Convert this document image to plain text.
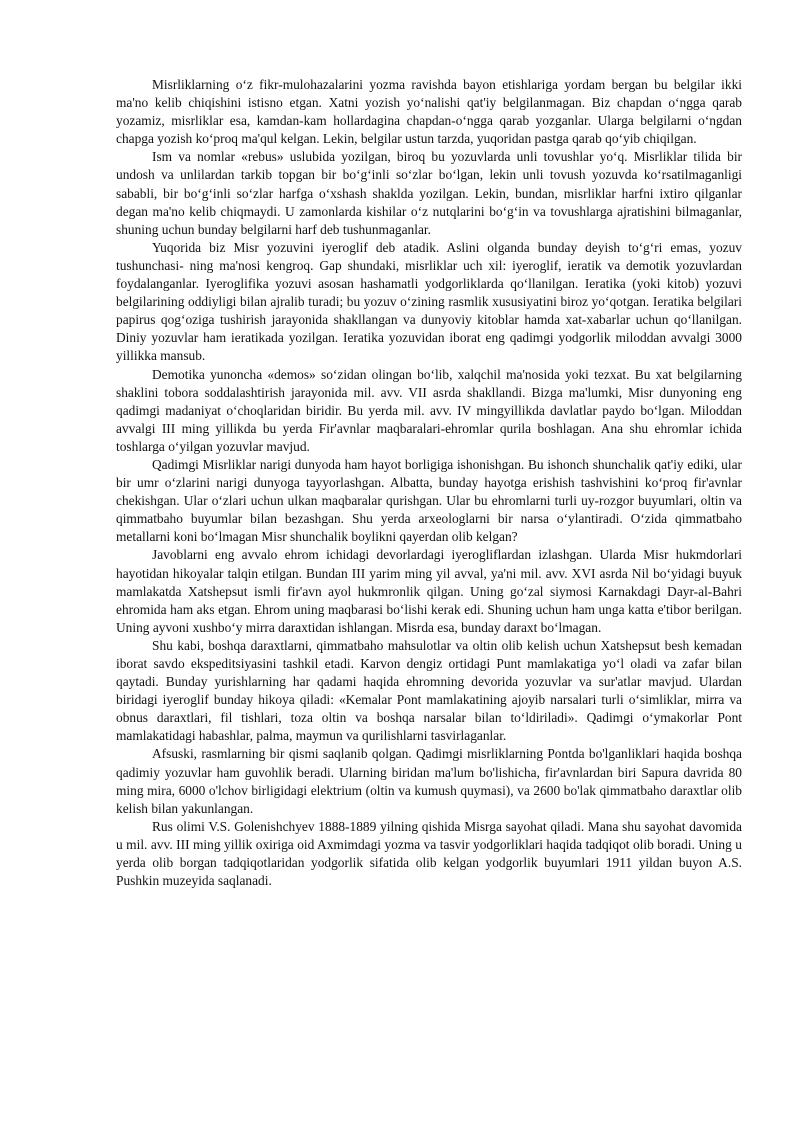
Misrliklarning o‘z fikr-mulohazalarini yozma ravishda bayon etishlariga yordam bergan bu belgilar ikki ma'no kelib chiqishini istisno etgan. Xatni yozish yo‘nalishi qat'iy belgilanmagan. Biz chapdan o‘ngga qarab yozamiz, misrliklar esa, kamdan-kam hollardagina chapdan-o‘ngga qarab yozganlar. Ularga belgilarni o‘ngdan chapga yozish ko‘proq ma'qul kelgan. Lekin, belgilar ustun tarzda, yuqoridan pastga qarab qo‘yib chiqilgan.

Ism va nomlar «rebus» uslubida yozilgan, biroq bu yozuvlarda unli tovushlar yo‘q. Misrliklar tilida bir undosh va unlilardan tarkib topgan bir bo‘g‘inli so‘zlar bo‘lgan, lekin unli tovush yozuvda ko‘rsatilmaganligi sababli, bir bo‘g‘inli so‘zlar harfga o‘xshash shaklda yozilgan. Lekin, bundan, misrliklar harfni ixtiro qilganlar degan ma'no kelib chiqmaydi. U zamonlarda kishilar o‘z nutqlarini bo‘g‘in va tovushlarga ajratishini bilmaganlar, shuning uchun bunday belgilarni harf deb tushunmaganlar.

Yuqorida biz Misr yozuvini iyeroglif deb atadik. Aslini olganda bunday deyish to‘g‘ri emas, yozuv tushunchasi- ning ma'nosi kengroq. Gap shundaki, misrliklar uch xil: iyeroglif, ieratik va demotik yozuvlardan foydalanganlar. Iyeroglifika yozuvi asosan hashamatli yodgorliklarda qo‘llanilgan. Ieratika (yoki kitob) yozuvi belgilarining oddiyligi bilan ajralib turadi; bu yozuv o‘zining rasmlik xususiyatini biroz yo‘qotgan. Ieratika belgilari papirus qog‘oziga tushirish jarayonida shakllangan va dunyoviy kitoblar hamda xat-xabarlar uchun qo‘llanilgan. Diniy yozuvlar ham ieratikada yozilgan. Ieratika yozuvidan iborat eng qadimgi yodgorlik miloddan avvalgi 3000 yillikka mansub.

Demotika yunoncha «demos» so‘zidan olingan bo‘lib, xalqchil ma'nosida yoki tezxat. Bu xat belgilarning shaklini tobora soddalashtirish jarayonida mil. avv. VII asrda shakllandi. Bizga ma'lumki, Misr dunyoning eng qadimgi madaniyat o‘choqlaridan biridir. Bu yerda mil. avv. IV mingyillikda davlatlar paydo bo‘lgan. Miloddan avvalgi III ming yillikda bu yerda Fir'avnlar maqbaralari-ehromlar qurila boshlagan. Ana shu ehromlar ichida toshlarga o‘yilgan yozuvlar mavjud.

Qadimgi Misrliklar narigi dunyoda ham hayot borligiga ishonishgan. Bu ishonch shunchalik qat'iy ediki, ular bir umr o‘zlarini narigi dunyoga tayyorlashgan. Albatta, bunday hayotga erishish tashvishini ko‘proq fir'avnlar chekishgan. Ular o‘zlari uchun ulkan maqbaralar qurishgan. Ular bu ehromlarni turli uy-rozgor buyumlari, oltin va qimmatbaho buyumlar bilan bezashgan. Shu yerda arxeologlarni bir narsa o‘ylantiradi. O‘zida qimmatbaho metallarni koni bo‘lmagan Misr shunchalik boylikni qayerdan olib kelgan?

Javoblarni eng avvalo ehrom ichidagi devorlardagi iyerogliflardan izlashgan. Ularda Misr hukmdorlari hayotidan hikoyalar talqin etilgan. Bundan III yarim ming yil avval, ya'ni mil. avv. XVI asrda Nil bo‘yidagi buyuk mamlakatda Xatshepsut ismli fir'avn ayol hukmronlik qilgan. Uning go‘zal siymosi Karnakdagi Dayr-al-Bahri ehromida ham aks etgan. Ehrom uning maqbarasi bo‘lishi kerak edi. Shuning uchun ham unga katta e'tibor berilgan. Uning ayvoni xushbo‘y mirra daraxtidan ishlangan. Misrda esa, bunday daraxt bo‘lmagan.

Shu kabi, boshqa daraxtlarni, qimmatbaho mahsulotlar va oltin olib kelish uchun Xatshepsut besh kemadan iborat savdo ekspeditsiyasini tashkil etadi. Karvon dengiz ortidagi Punt mamlakatiga yo‘l oladi va zafar bilan qaytadi. Bunday yurishlarning har qadami haqida ehromning devorida yozuvlar va sur'atlar mavjud. Ulardan biridagi iyeroglif bunday hikoya qiladi: «Kemalar Pont mamlakatining ajoyib narsalari turli o‘simliklar, mirra va obnus daraxtlari, fil tishlari, toza oltin va boshqa narsalar bilan to‘ldiriladi». Qadimgi o‘ymakorlar Pont mamlakatidagi habashlar, palma, maymun va qurilishlarni tasvirlaganlar.

Afsuski, rasmlarning bir qismi saqlanib qolgan. Qadimgi misrliklarning Pontda bo'lganliklari haqida boshqa qadimiy yozuvlar ham guvohlik beradi. Ularning biridan ma'lum bo'lishicha, fir'avnlardan biri Sapura davrida 80 ming mira, 6000 o'lchov birligidagi elektrium (oltin va kumush quymasi), va 2600 bo'lak qimmatbaho daraxtlar olib kelish bilan yakunlangan.

Rus olimi V.S. Golenishchyev 1888-1889 yilning qishida Misrga sayohat qiladi. Mana shu sayohat davomida u mil. avv. III ming yillik oxiriga oid Axmimdagi yozma va tasvir yodgorliklari haqida tadqiqot olib boradi. Uning u yerda olib borgan tadqiqotlaridan yodgorlik sifatida olib kelgan yodgorlik buyumlari 1911 yildan buyon A.S. Pushkin muzeyida saqlanadi.
